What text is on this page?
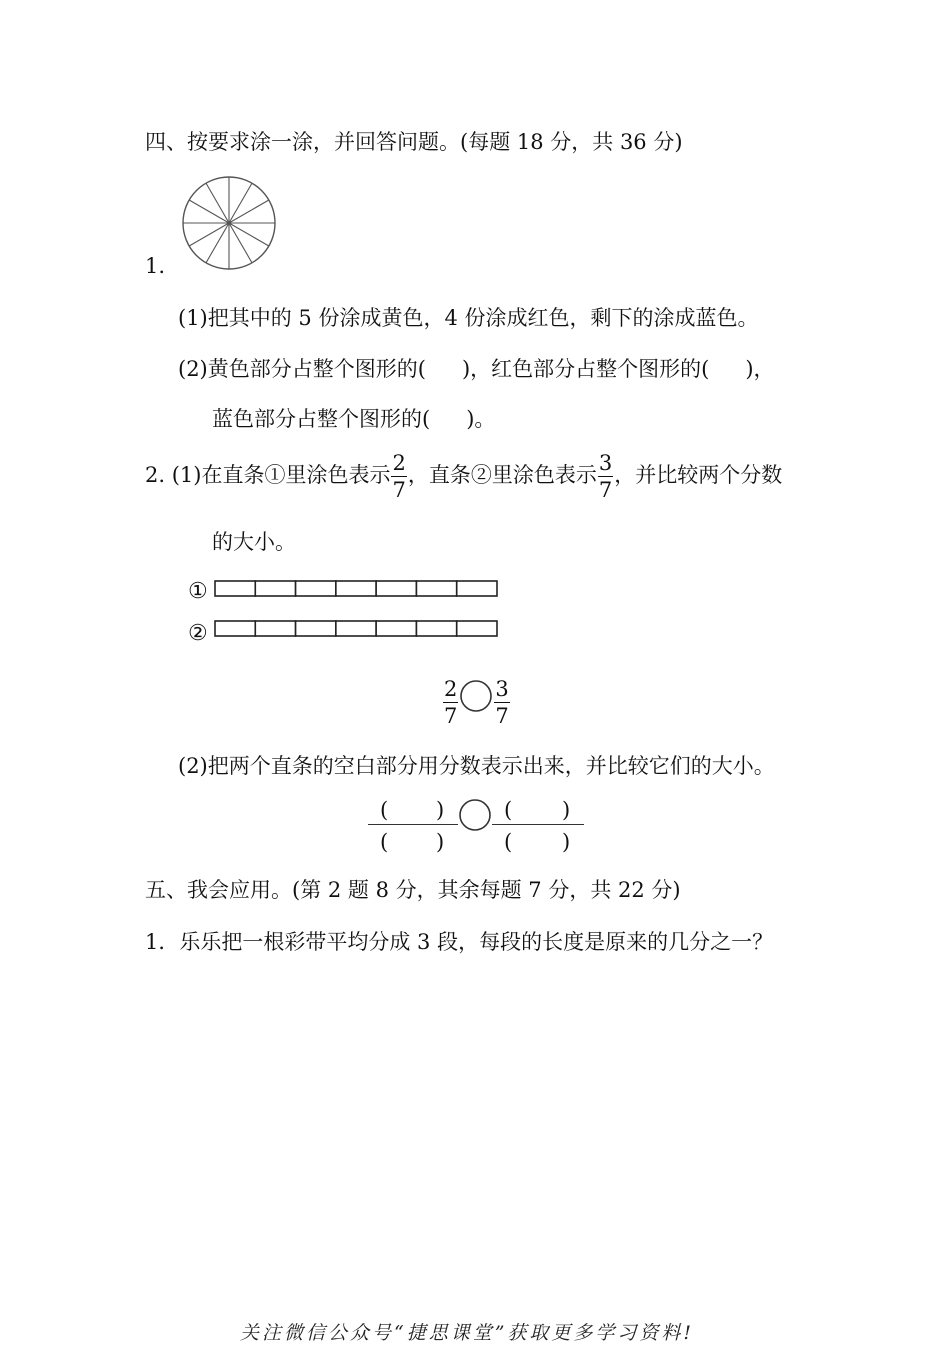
四、按要求涂一涂，并回答问题。(每题 18 分，共 36 分)
1.
(1)把其中的 5 份涂成黄色，4 份涂成红色，剩下的涂成蓝色。
(2)黄色部分占整个图形的( )，红色部分占整个图形的( )，
蓝色部分占整个图形的( )。
2. (1)在直条①里涂色表示 $\frac{2}{7}$ ，直条②里涂色表示 $\frac{3}{7}$ ，并比较两个分数
的大小。
①
②
$\frac{2}{7} \frac{3}{7}$
(2)把两个直条的空白部分用分数表示出来，并比较它们的大小。
( )
( )
( )
( )
五、我会应用。(第 2 题 8 分，其余每题 7 分，共 22 分)
1．乐乐把一根彩带平均分成 3 段，每段的长度是原来的几分之一？
关注微信公众号“捷思课堂”获取更多学习资料!
